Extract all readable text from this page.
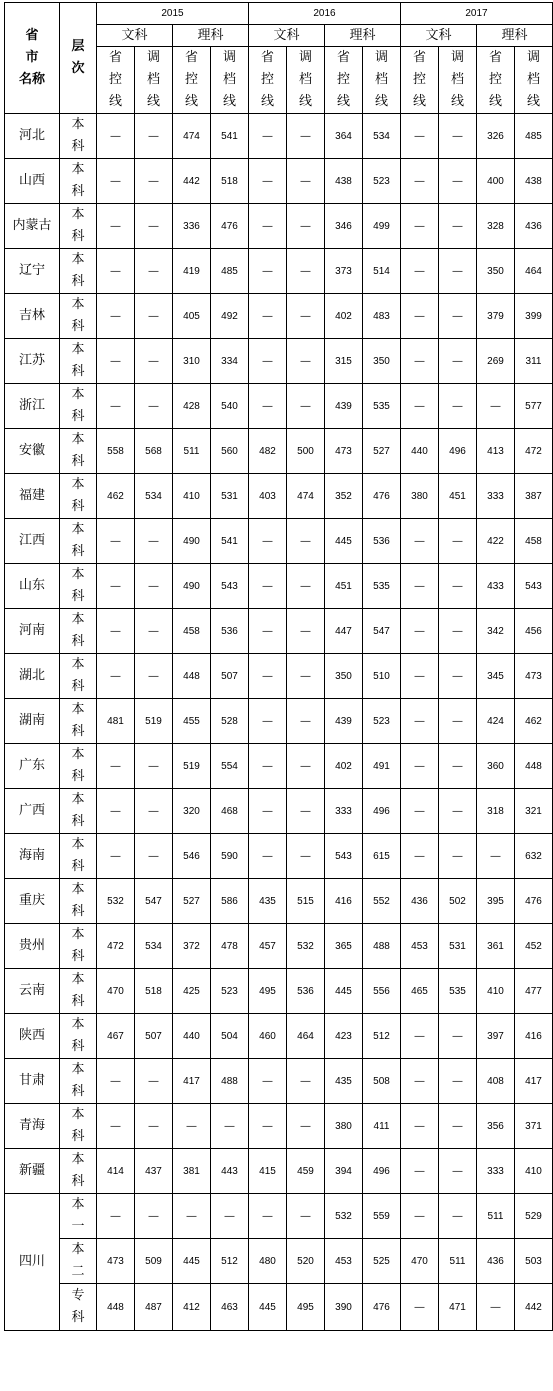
省
市
名称	层
次	2015				2016				2017			
		文科		理科		文科		理科		文科		理科	

		省
控
线	调
档
线	省
控
线	调
档
线	省
控
线	调
档
线	省
控
线	调
档
线	省
控
线	调
档
线	省
控
线	调
档
线

河北	本
科	—	—	474	541	—	—	364	534	—	—	326	485
山西	本
科	—	—	442	518	—	—	438	523	—	—	400	438
内蒙古	本
科	—	—	336	476	—	—	346	499	—	—	328	436
辽宁	本
科	—	—	419	485	—	—	373	514	—	—	350	464
吉林	本
科	—	—	405	492	—	—	402	483	—	—	379	399
江苏	本
科	—	—	310	334	—	—	315	350	—	—	269	311
浙江	本
科	—	—	428	540	—	—	439	535	—	—	—	577
安徽	本
科	558	568	511	560	482	500	473	527	440	496	413	472
福建	本
科	462	534	410	531	403	474	352	476	380	451	333	387
江西	本
科	—	—	490	541	—	—	445	536	—	—	422	458
山东	本
科	—	—	490	543	—	—	451	535	—	—	433	543
河南	本
科	—	—	458	536	—	—	447	547	—	—	342	456
湖北	本
科	—	—	448	507	—	—	350	510	—	—	345	473
湖南	本
科	481	519	455	528	—	—	439	523	—	—	424	462
广东	本
科	—	—	519	554	—	—	402	491	—	—	360	448
广西	本
科	—	—	320	468	—	—	333	496	—	—	318	321
海南	本
科	—	—	546	590	—	—	543	615	—	—	—	632
重庆	本
科	532	547	527	586	435	515	416	552	436	502	395	476
贵州	本
科	472	534	372	478	457	532	365	488	453	531	361	452
云南	本
科	470	518	425	523	495	536	445	556	465	535	410	477
陕西	本
科	467	507	440	504	460	464	423	512	—	—	397	416
甘肃	本
科	—	—	417	488	—	—	435	508	—	—	408	417
青海	本
科	—	—	—	—	—	—	380	411	—	—	356	371
新疆	本
科	414	437	381	443	415	459	394	496	—	—	333	410
四川	本
一	—	—	—	—	—	—	532	559	—	—	511	529

	本
二	473	509	445	512	480	520	453	525	470	511	436	503

	专
科	448	487	412	463	445	495	390	476	—	471	—	442
